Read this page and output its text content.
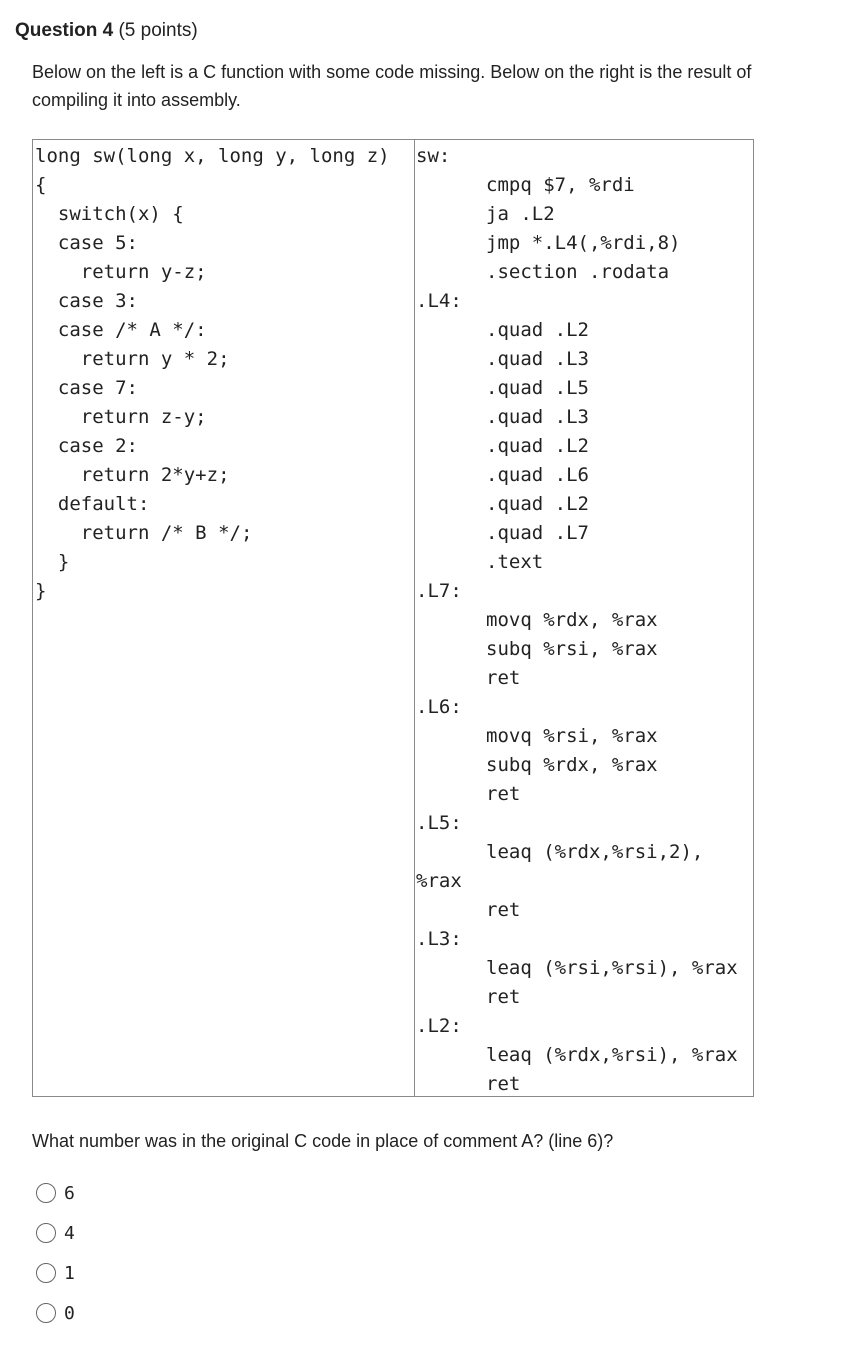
Question 4 (5 points)
Below on the left is a C function with some code missing. Below on the right is the result of compiling it into assembly.
long sw(long x, long y, long z)
{
switch(x) {
case 5:
return y-z;
case 3:
case /* A */:
return y * 2;
case 7:
return z-y;
case 2:
return 2*y+z;
default:
return /* B */;
}
}
sw:
cmpq $7, %rdi
ja .L2
jmp *.L4(,%rdi,8)
.section .rodata
.L4:
.quad .L2
.quad .L3
.quad .L5
.quad .L3
.quad .L2
.quad .L6
.quad .L2
.quad .L7
.text
.L7:
movq %rdx, %rax
subq %rsi, %rax
ret
.L6:
movq %rsi, %rax
subq %rdx, %rax
ret
.L5:
leaq (%rdx,%rsi,2),
%rax
ret
.L3:
leaq (%rsi,%rsi), %rax
ret
.L2:
leaq (%rdx,%rsi), %rax
ret
What number was in the original C code in place of comment A? (line 6)?
6
4
1
0
